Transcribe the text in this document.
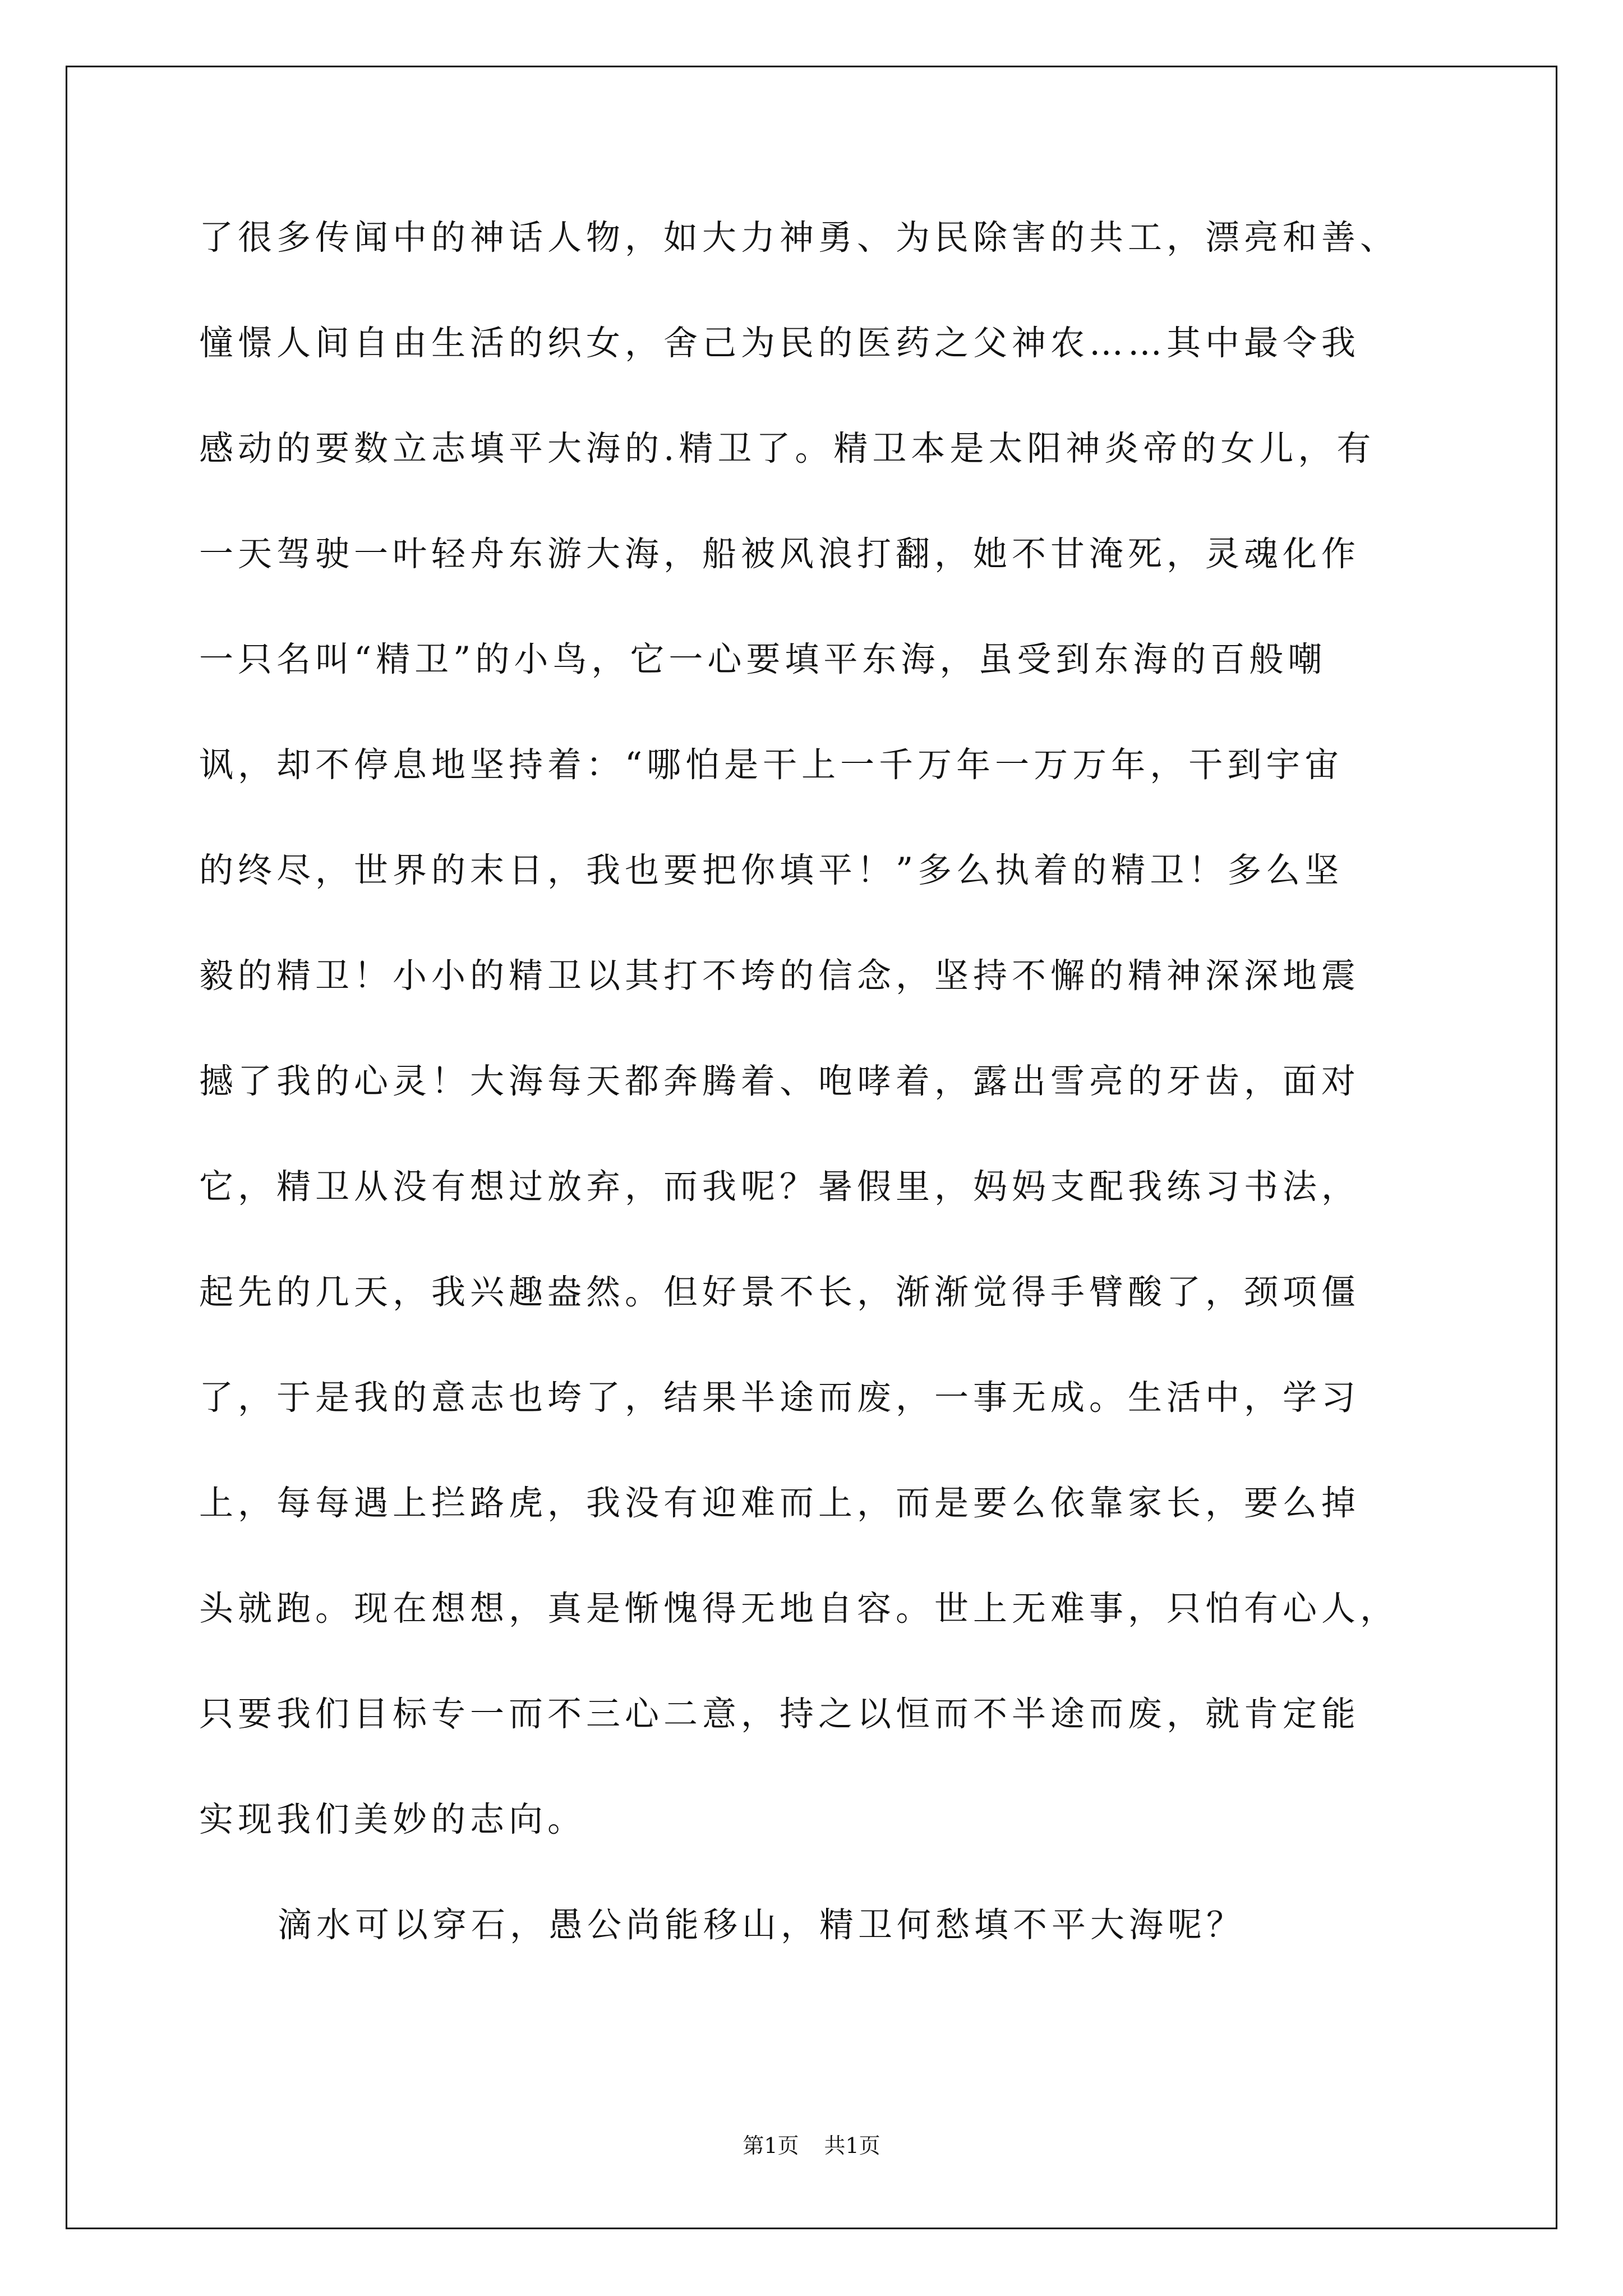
了很多传闻中的神话人物，如大力神勇、为民除害的共工，漂亮和善、
憧憬人间自由生活的织女，舍己为民的医药之父神农……其中最令我
感动的要数立志填平大海的.精卫了。精卫本是太阳神炎帝的女儿，有
一天驾驶一叶轻舟东游大海，船被风浪打翻，她不甘淹死，灵魂化作
一只名叫“精卫”的小鸟，它一心要填平东海，虽受到东海的百般嘲
讽，却不停息地坚持着：“哪怕是干上一千万年一万万年，干到宇宙
的终尽，世界的末日，我也要把你填平！”多么执着的精卫！多么坚
毅的精卫！小小的精卫以其打不垮的信念，坚持不懈的精神深深地震
撼了我的心灵！大海每天都奔腾着、咆哮着，露出雪亮的牙齿，面对
它，精卫从没有想过放弃，而我呢？暑假里，妈妈支配我练习书法，
起先的几天，我兴趣盎然。但好景不长，渐渐觉得手臂酸了，颈项僵
了，于是我的意志也垮了，结果半途而废，一事无成。生活中，学习
上，每每遇上拦路虎，我没有迎难而上，而是要么依靠家长，要么掉
头就跑。现在想想，真是惭愧得无地自容。世上无难事，只怕有心人，
只要我们目标专一而不三心二意，持之以恒而不半途而废，就肯定能
实现我们美妙的志向。
滴水可以穿石，愚公尚能移山，精卫何愁填不平大海呢？
第1页 共1页
